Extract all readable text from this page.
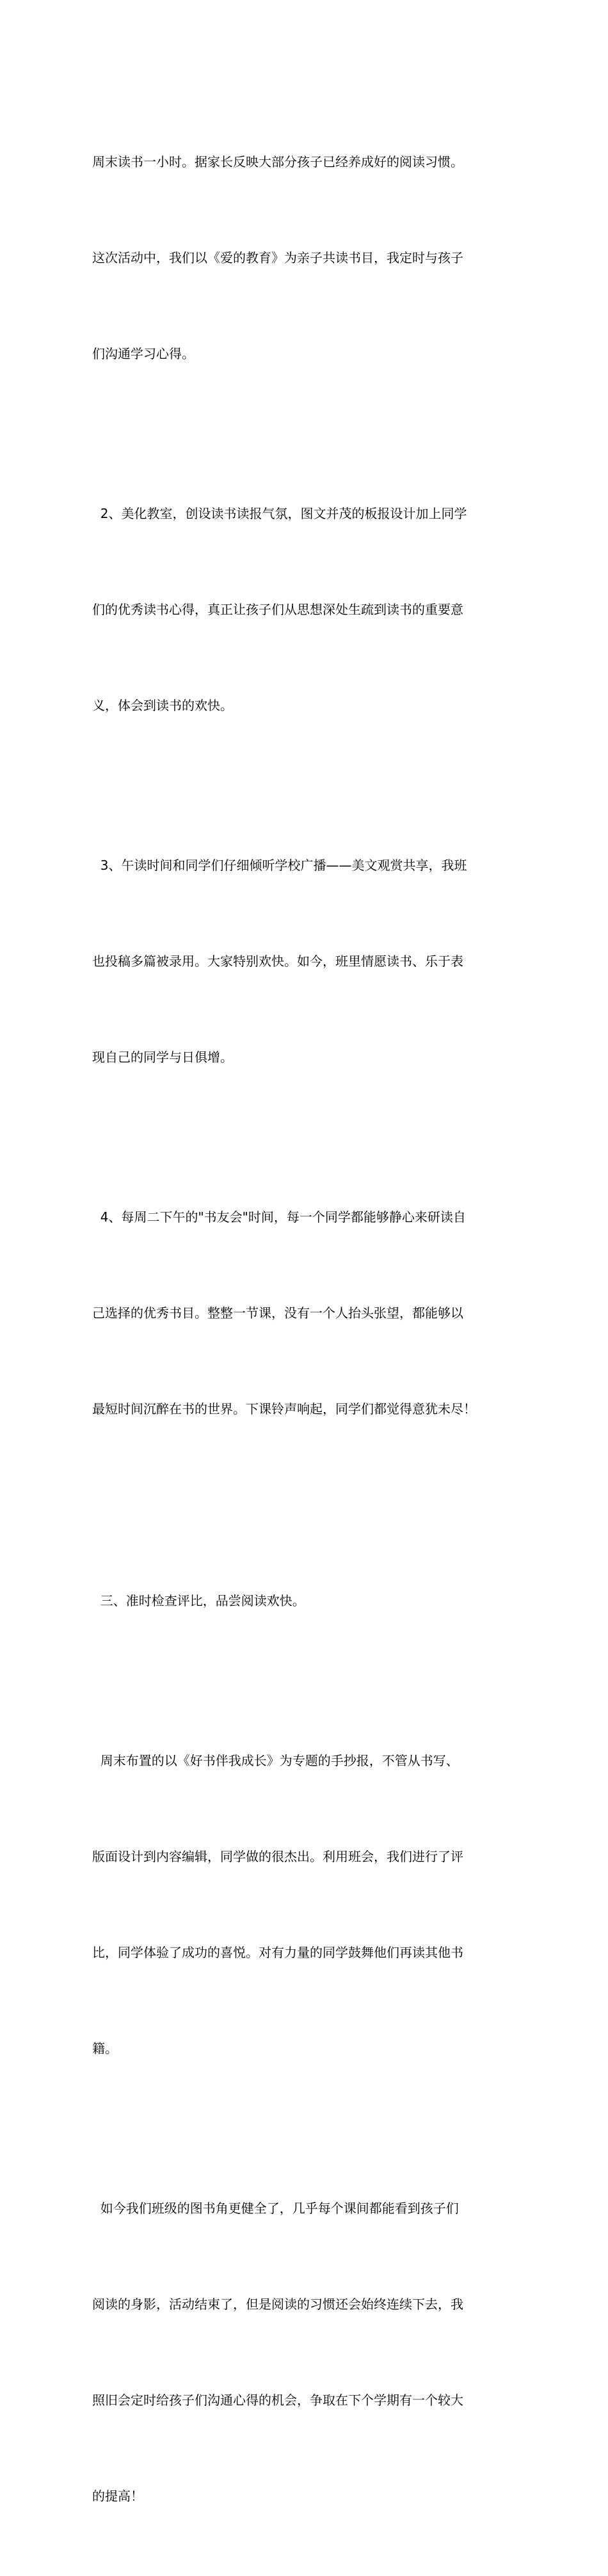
周末读书一小时。据家长反映大部分孩子已经养成好的阅读习惯。

这次活动中，我们以《爱的教育》为亲子共读书目，我定时与孩子

们沟通学习心得。

2、美化教室，创设读书读报气氛，图文并茂的板报设计加上同学

们的优秀读书心得，真正让孩子们从思想深处生疏到读书的重要意

义，体会到读书的欢快。

3、午读时间和同学们仔细倾听学校广播——美文观赏共享，我班

也投稿多篇被录用。大家特别欢快。如今，班里情愿读书、乐于表

现自己的同学与日俱增。

4、每周二下午的"书友会"时间，每一个同学都能够静心来研读自

己选择的优秀书目。整整一节课，没有一个人抬头张望，都能够以

最短时间沉醉在书的世界。下课铃声响起，同学们都觉得意犹未尽！

三、准时检查评比，品尝阅读欢快。

周末布置的以《好书伴我成长》为专题的手抄报，不管从书写、

版面设计到内容编辑，同学做的很杰出。利用班会，我们进行了评

比，同学体验了成功的喜悦。对有力量的同学鼓舞他们再读其他书

籍。

如今我们班级的图书角更健全了，几乎每个课间都能看到孩子们

阅读的身影，活动结束了，但是阅读的习惯还会始终连续下去，我

照旧会定时给孩子们沟通心得的机会，争取在下个学期有一个较大

的提高！
